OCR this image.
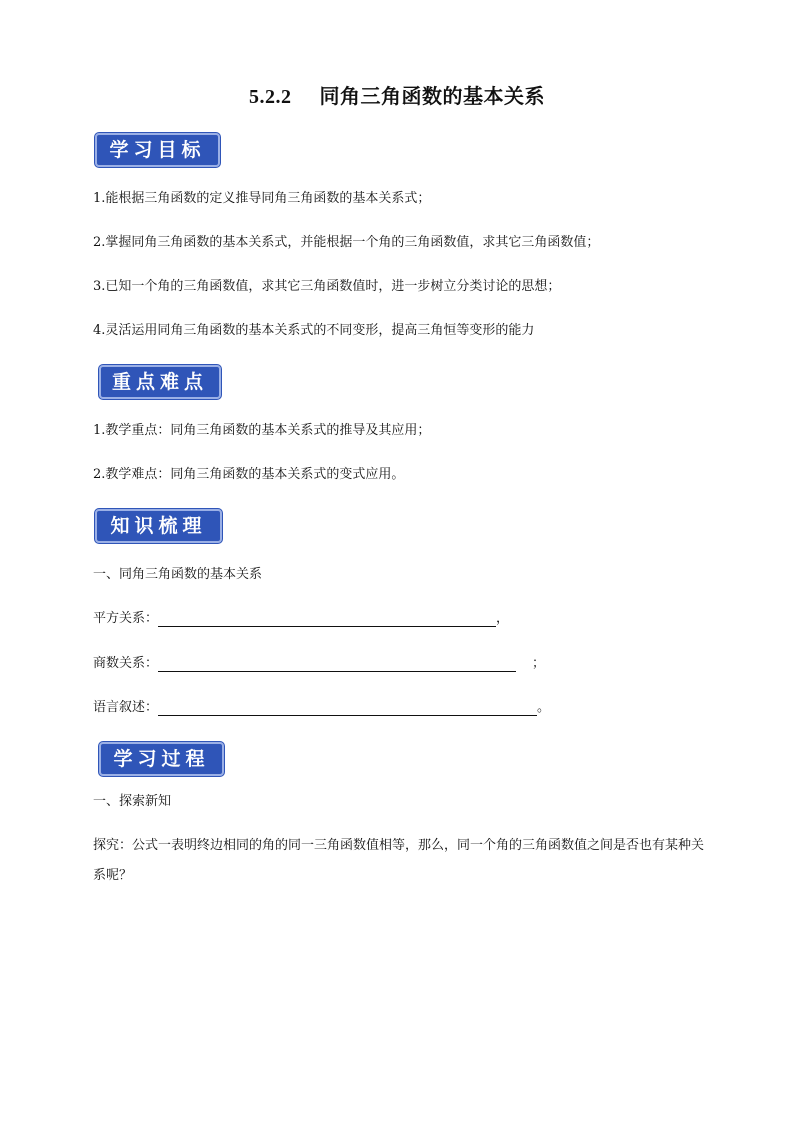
5.2.2 同角三角函数的基本关系
学习目标
1.能根据三角函数的定义推导同角三角函数的基本关系式；
2.掌握同角三角函数的基本关系式，并能根据一个角的三角函数值，求其它三角函数值；
3.已知一个角的三角函数值，求其它三角函数值时，进一步树立分类讨论的思想；
4.灵活运用同角三角函数的基本关系式的不同变形，提高三角恒等变形的能力
重点难点
1.教学重点：同角三角函数的基本关系式的推导及其应用；
2.教学难点：同角三角函数的基本关系式的变式应用。
知识梳理
一、同角三角函数的基本关系
平方关系：	，
商数关系：	；
语言叙述：	。
学习过程
一、探索新知
探究：公式一表明终边相同的角的同一三角函数值相等，那么，同一个角的三角函数值之间是否也有某种关系呢？
